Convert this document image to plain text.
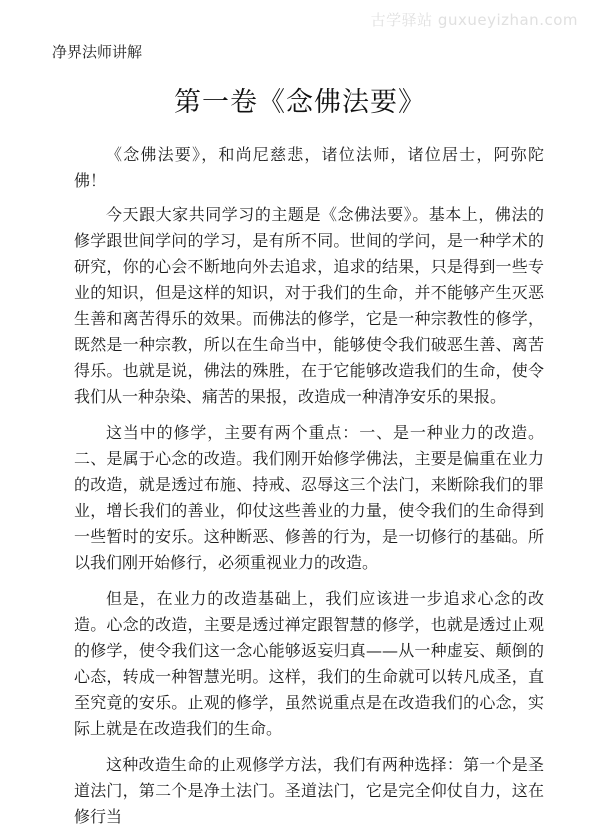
古学驿站 guxueyizhan.com
净界法师讲解
第一卷《念佛法要》

《念佛法要》，和尚尼慈悲，诸位法师，诸位居士，阿弥陀佛！

今天跟大家共同学习的主题是《念佛法要》。基本上，佛法的修学跟世间学问的学习，是有所不同。世间的学问，是一种学术的研究，你的心会不断地向外去追求，追求的结果，只是得到一些专业的知识，但是这样的知识，对于我们的生命，并不能够产生灭恶生善和离苦得乐的效果。而佛法的修学，它是一种宗教性的修学，既然是一种宗教，所以在生命当中，能够使令我们破恶生善、离苦得乐。也就是说，佛法的殊胜，在于它能够改造我们的生命，使令我们从一种杂染、痛苦的果报，改造成一种清净安乐的果报。

这当中的修学，主要有两个重点：一、是一种业力的改造。二、是属于心念的改造。我们刚开始修学佛法，主要是偏重在业力的改造，就是透过布施、持戒、忍辱这三个法门，来断除我们的罪业，增长我们的善业，仰仗这些善业的力量，使令我们的生命得到一些暂时的安乐。这种断恶、修善的行为，是一切修行的基础。所以我们刚开始修行，必须重视业力的改造。

但是，在业力的改造基础上，我们应该进一步追求心念的改造。心念的改造，主要是透过禅定跟智慧的修学，也就是透过止观的修学，使令我们这一念心能够返妄归真——从一种虚妄、颠倒的心态，转成一种智慧光明。这样，我们的生命就可以转凡成圣，直至究竟的安乐。止观的修学，虽然说重点是在改造我们的心念，实际上就是在改造我们的生命。

这种改造生命的止观修学方法，我们有两种选择：第一个是圣道法门，第二个是净土法门。圣道法门，它是完全仰仗自力，这在修行当
